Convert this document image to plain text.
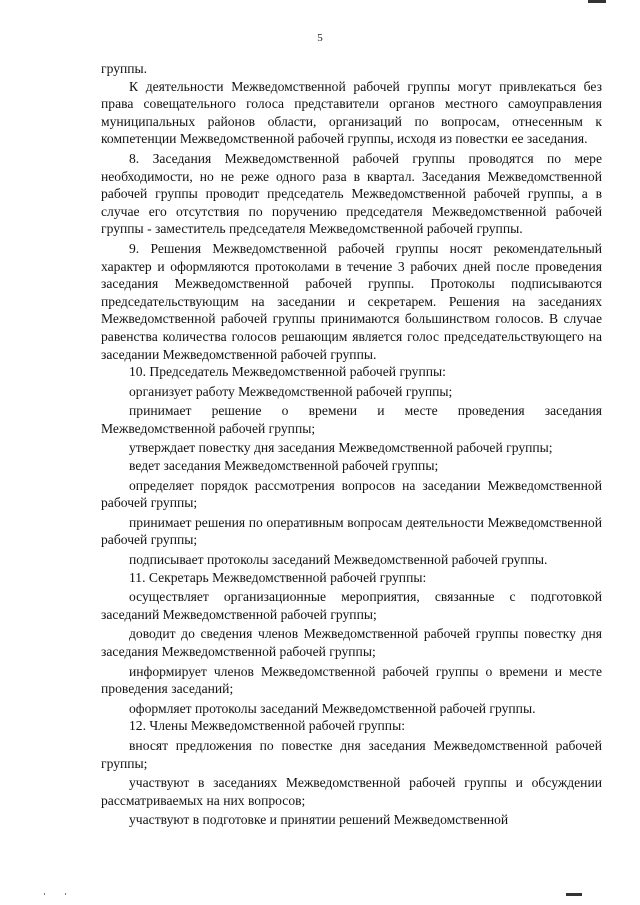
5

группы.

К деятельности Межведомственной рабочей группы могут привлекаться без права совещательного голоса представители органов местного самоуправления муниципальных районов области, организаций по вопросам, отнесенным к компетенции Межведомственной рабочей группы, исходя из повестки ее заседания.

8. Заседания Межведомственной рабочей группы проводятся по мере необходимости, но не реже одного раза в квартал. Заседания Межведомственной рабочей группы проводит председатель Межведомственной рабочей группы, а в случае его отсутствия по поручению председателя Межведомственной рабочей группы - заместитель председателя Межведомственной рабочей группы.

9. Решения Межведомственной рабочей группы носят рекомендательный характер и оформляются протоколами в течение 3 рабочих дней после проведения заседания Межведомственной рабочей группы. Протоколы подписываются председательствующим на заседании и секретарем. Решения на заседаниях Межведомственной рабочей группы принимаются большинством голосов. В случае равенства количества голосов решающим является голос председательствующего на заседании Межведомственной рабочей группы.

10. Председатель Межведомственной рабочей группы:

организует работу Межведомственной рабочей группы;

принимает решение о времени и месте проведения заседания Межведомственной рабочей группы;

утверждает повестку дня заседания Межведомственной рабочей группы;

ведет заседания Межведомственной рабочей группы;

определяет порядок рассмотрения вопросов на заседании Межведомственной рабочей группы;

принимает решения по оперативным вопросам деятельности Межведомственной рабочей группы;

подписывает протоколы заседаний Межведомственной рабочей группы.

11. Секретарь Межведомственной рабочей группы:

осуществляет организационные мероприятия, связанные с подготовкой заседаний Межведомственной рабочей группы;

доводит до сведения членов Межведомственной рабочей группы повестку дня заседания Межведомственной рабочей группы;

информирует членов Межведомственной рабочей группы о времени и месте проведения заседаний;

оформляет протоколы заседаний Межведомственной рабочей группы.

12. Члены Межведомственной рабочей группы:

вносят предложения по повестке дня заседания Межведомственной рабочей группы;

участвуют в заседаниях Межведомственной рабочей группы и обсуждении рассматриваемых на них вопросов;

участвуют в подготовке и принятии решений Межведомственной
